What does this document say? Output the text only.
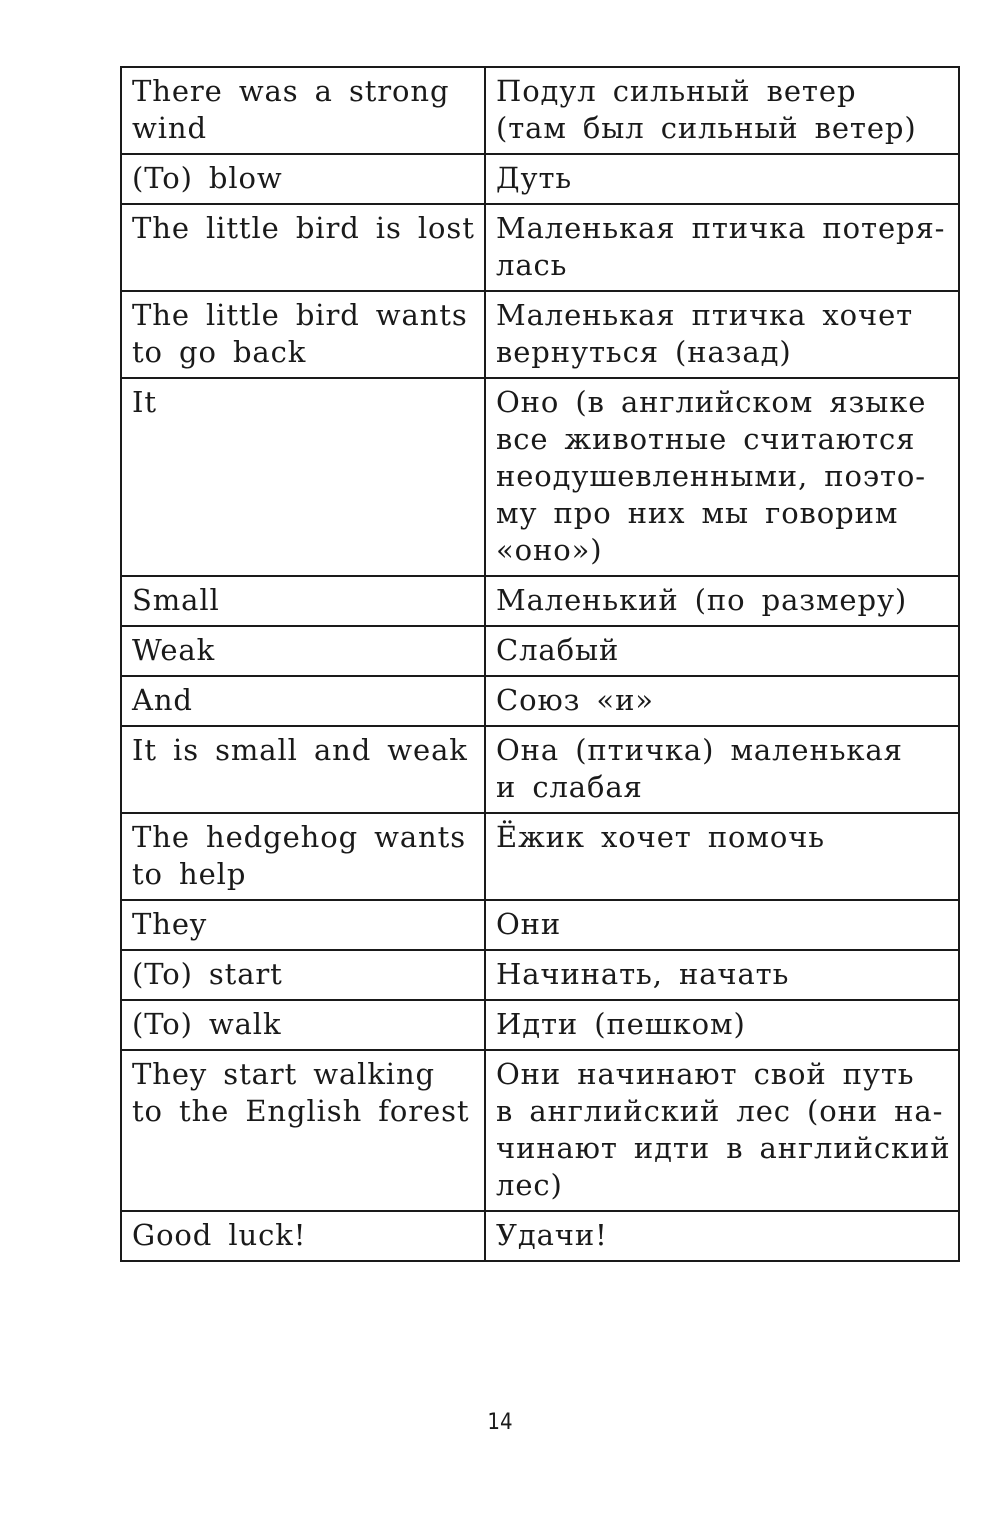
There was a strong wind	Подул сильный ветер
(там был сильный ветер)

(To) blow	Дуть

The little bird is lost	Маленькая птичка потеря-
лась

The little bird wants to go back	Маленькая птичка хочет
вернуться (назад)

It	Оно (в английском языке
все животные считаются
неодушевленными, поэто-
му про них мы говорим
«оно»)

Small	Маленький (по размеру)

Weak	Слабый

And	Союз «и»

It is small and weak	Она (птичка) маленькая
и слабая

The hedgehog wants to help	Ёжик хочет помочь

They	Они

(To) start	Начинать, начать

(To) walk	Идти (пешком)

They start walking to the English forest	Они начинают свой путь
в английский лес (они на-
чинают идти в английский
лес)

Good luck!	Удачи!
14
